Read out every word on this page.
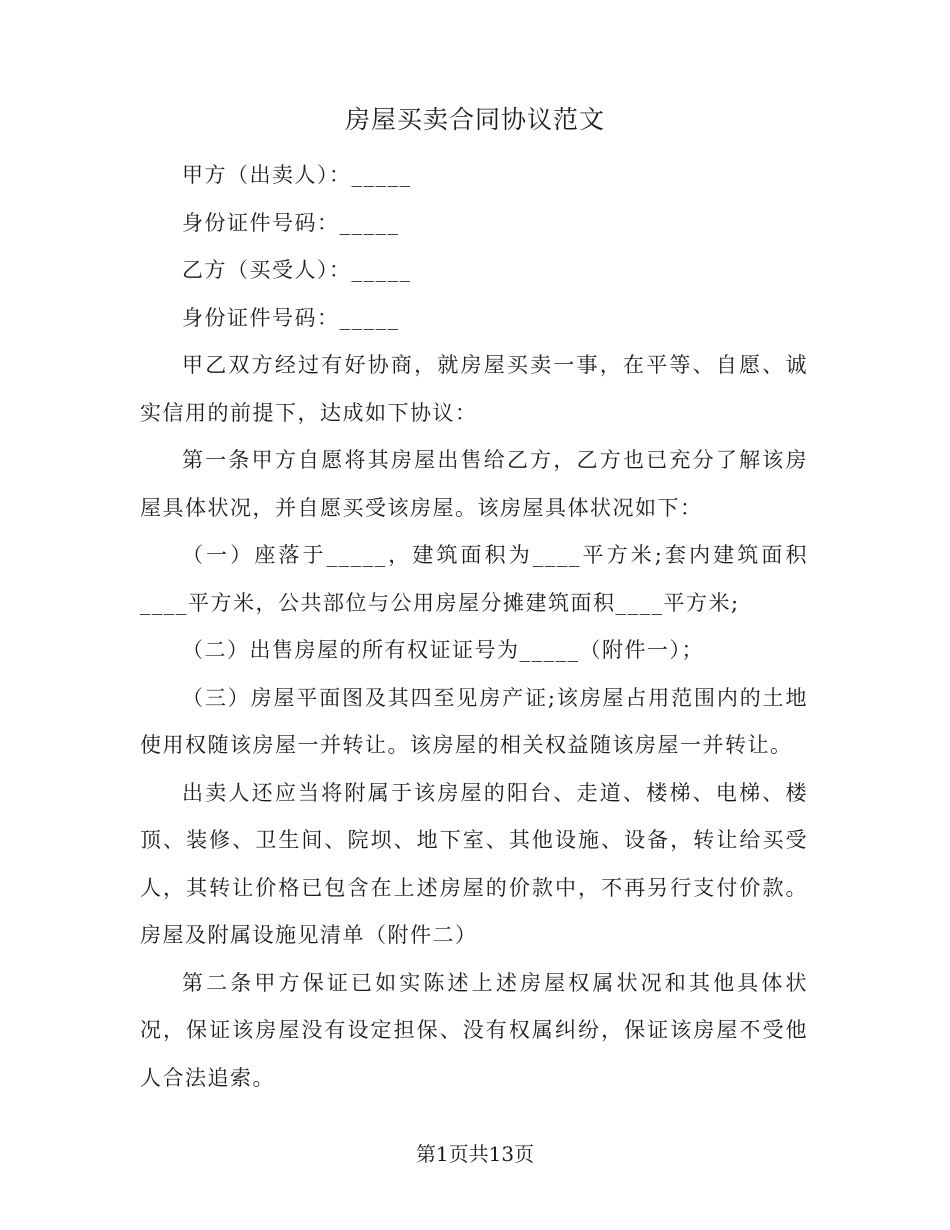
房屋买卖合同协议范文

甲方（出卖人）：_____

身份证件号码：_____

乙方（买受人）：_____

身份证件号码：_____

甲乙双方经过有好协商，就房屋买卖一事，在平等、自愿、诚实信用的前提下，达成如下协议：

第一条甲方自愿将其房屋出售给乙方，乙方也已充分了解该房屋具体状况，并自愿买受该房屋。该房屋具体状况如下：

（一）座落于_____，建筑面积为____平方米;套内建筑面积____平方米，公共部位与公用房屋分摊建筑面积____平方米;

（二）出售房屋的所有权证证号为_____（附件一）；

（三）房屋平面图及其四至见房产证;该房屋占用范围内的土地使用权随该房屋一并转让。该房屋的相关权益随该房屋一并转让。

出卖人还应当将附属于该房屋的阳台、走道、楼梯、电梯、楼顶、装修、卫生间、院坝、地下室、其他设施、设备，转让给买受人，其转让价格已包含在上述房屋的价款中，不再另行支付价款。房屋及附属设施见清单（附件二）

第二条甲方保证已如实陈述上述房屋权属状况和其他具体状况，保证该房屋没有设定担保、没有权属纠纷，保证该房屋不受他人合法追索。

第1页共13页
